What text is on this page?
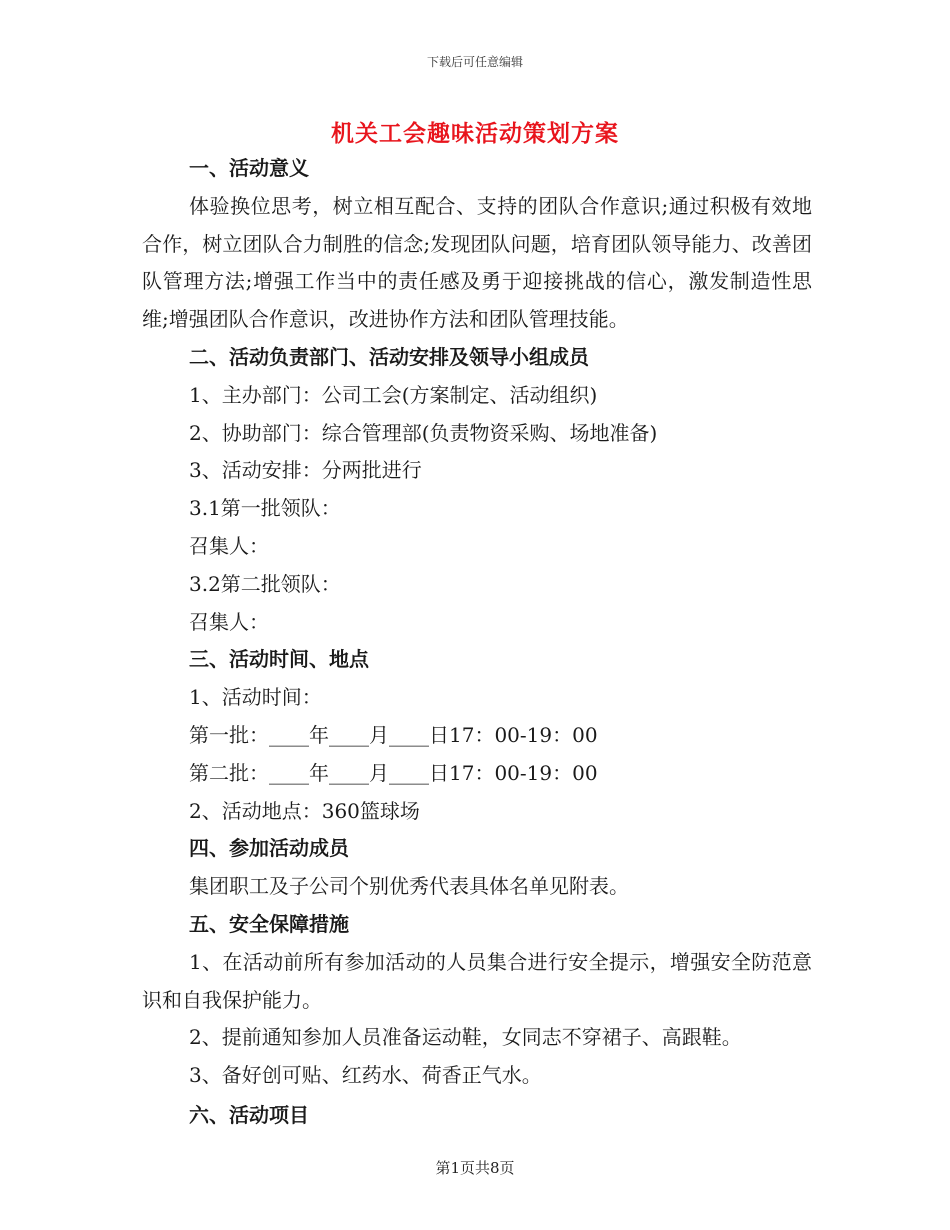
下载后可任意编辑
机关工会趣味活动策划方案
一、活动意义
体验换位思考，树立相互配合、支持的团队合作意识;通过积极有效地合作，树立团队合力制胜的信念;发现团队问题，培育团队领导能力、改善团队管理方法;增强工作当中的责任感及勇于迎接挑战的信心，激发制造性思维;增强团队合作意识，改进协作方法和团队管理技能。
二、活动负责部门、活动安排及领导小组成员
1、主办部门：公司工会(方案制定、活动组织)
2、协助部门：综合管理部(负责物资采购、场地准备)
3、活动安排：分两批进行
3.1第一批领队：
召集人：
3.2第二批领队：
召集人：
三、活动时间、地点
1、活动时间：
第一批：____年____月____日17：00-19：00
第二批：____年____月____日17：00-19：00
2、活动地点：360篮球场
四、参加活动成员
集团职工及子公司个别优秀代表具体名单见附表。
五、安全保障措施
1、在活动前所有参加活动的人员集合进行安全提示，增强安全防范意识和自我保护能力。
2、提前通知参加人员准备运动鞋，女同志不穿裙子、高跟鞋。
3、备好创可贴、红药水、荷香正气水。
六、活动项目
第1页共8页
